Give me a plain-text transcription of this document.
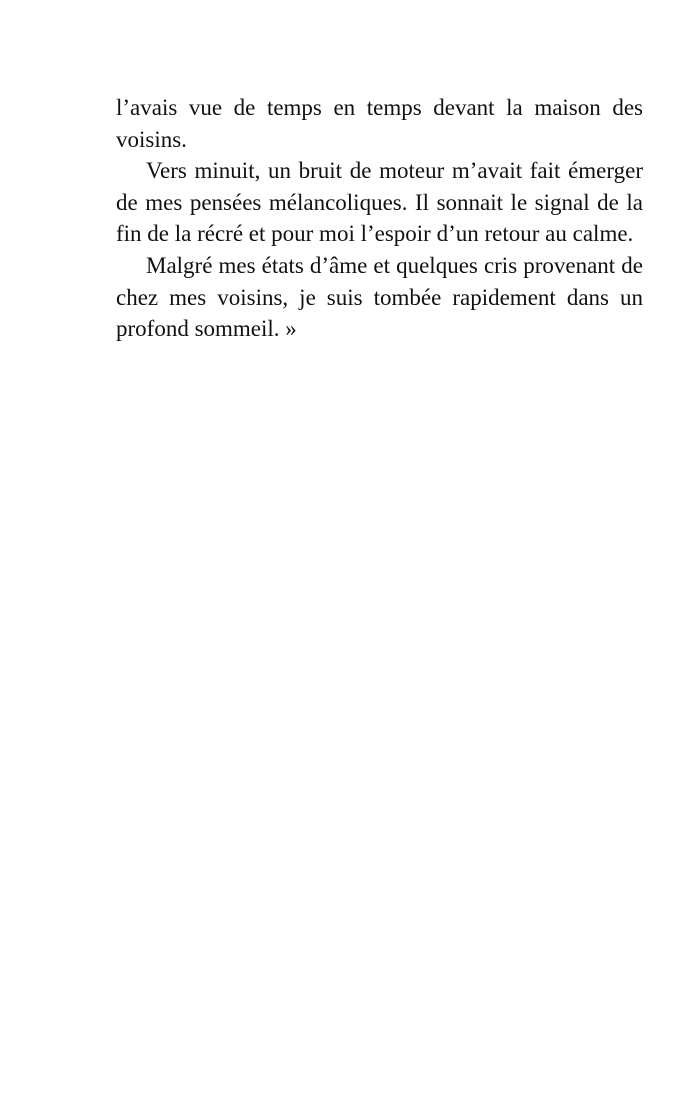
l’avais vue de temps en temps devant la maison des voisins.

Vers minuit, un bruit de moteur m’avait fait émerger de mes pensées mélancoliques. Il sonnait le signal de la fin de la récré et pour moi l’espoir d’un retour au calme.

Malgré mes états d’âme et quelques cris provenant de chez mes voisins, je suis tombée rapidement dans un profond sommeil. »
